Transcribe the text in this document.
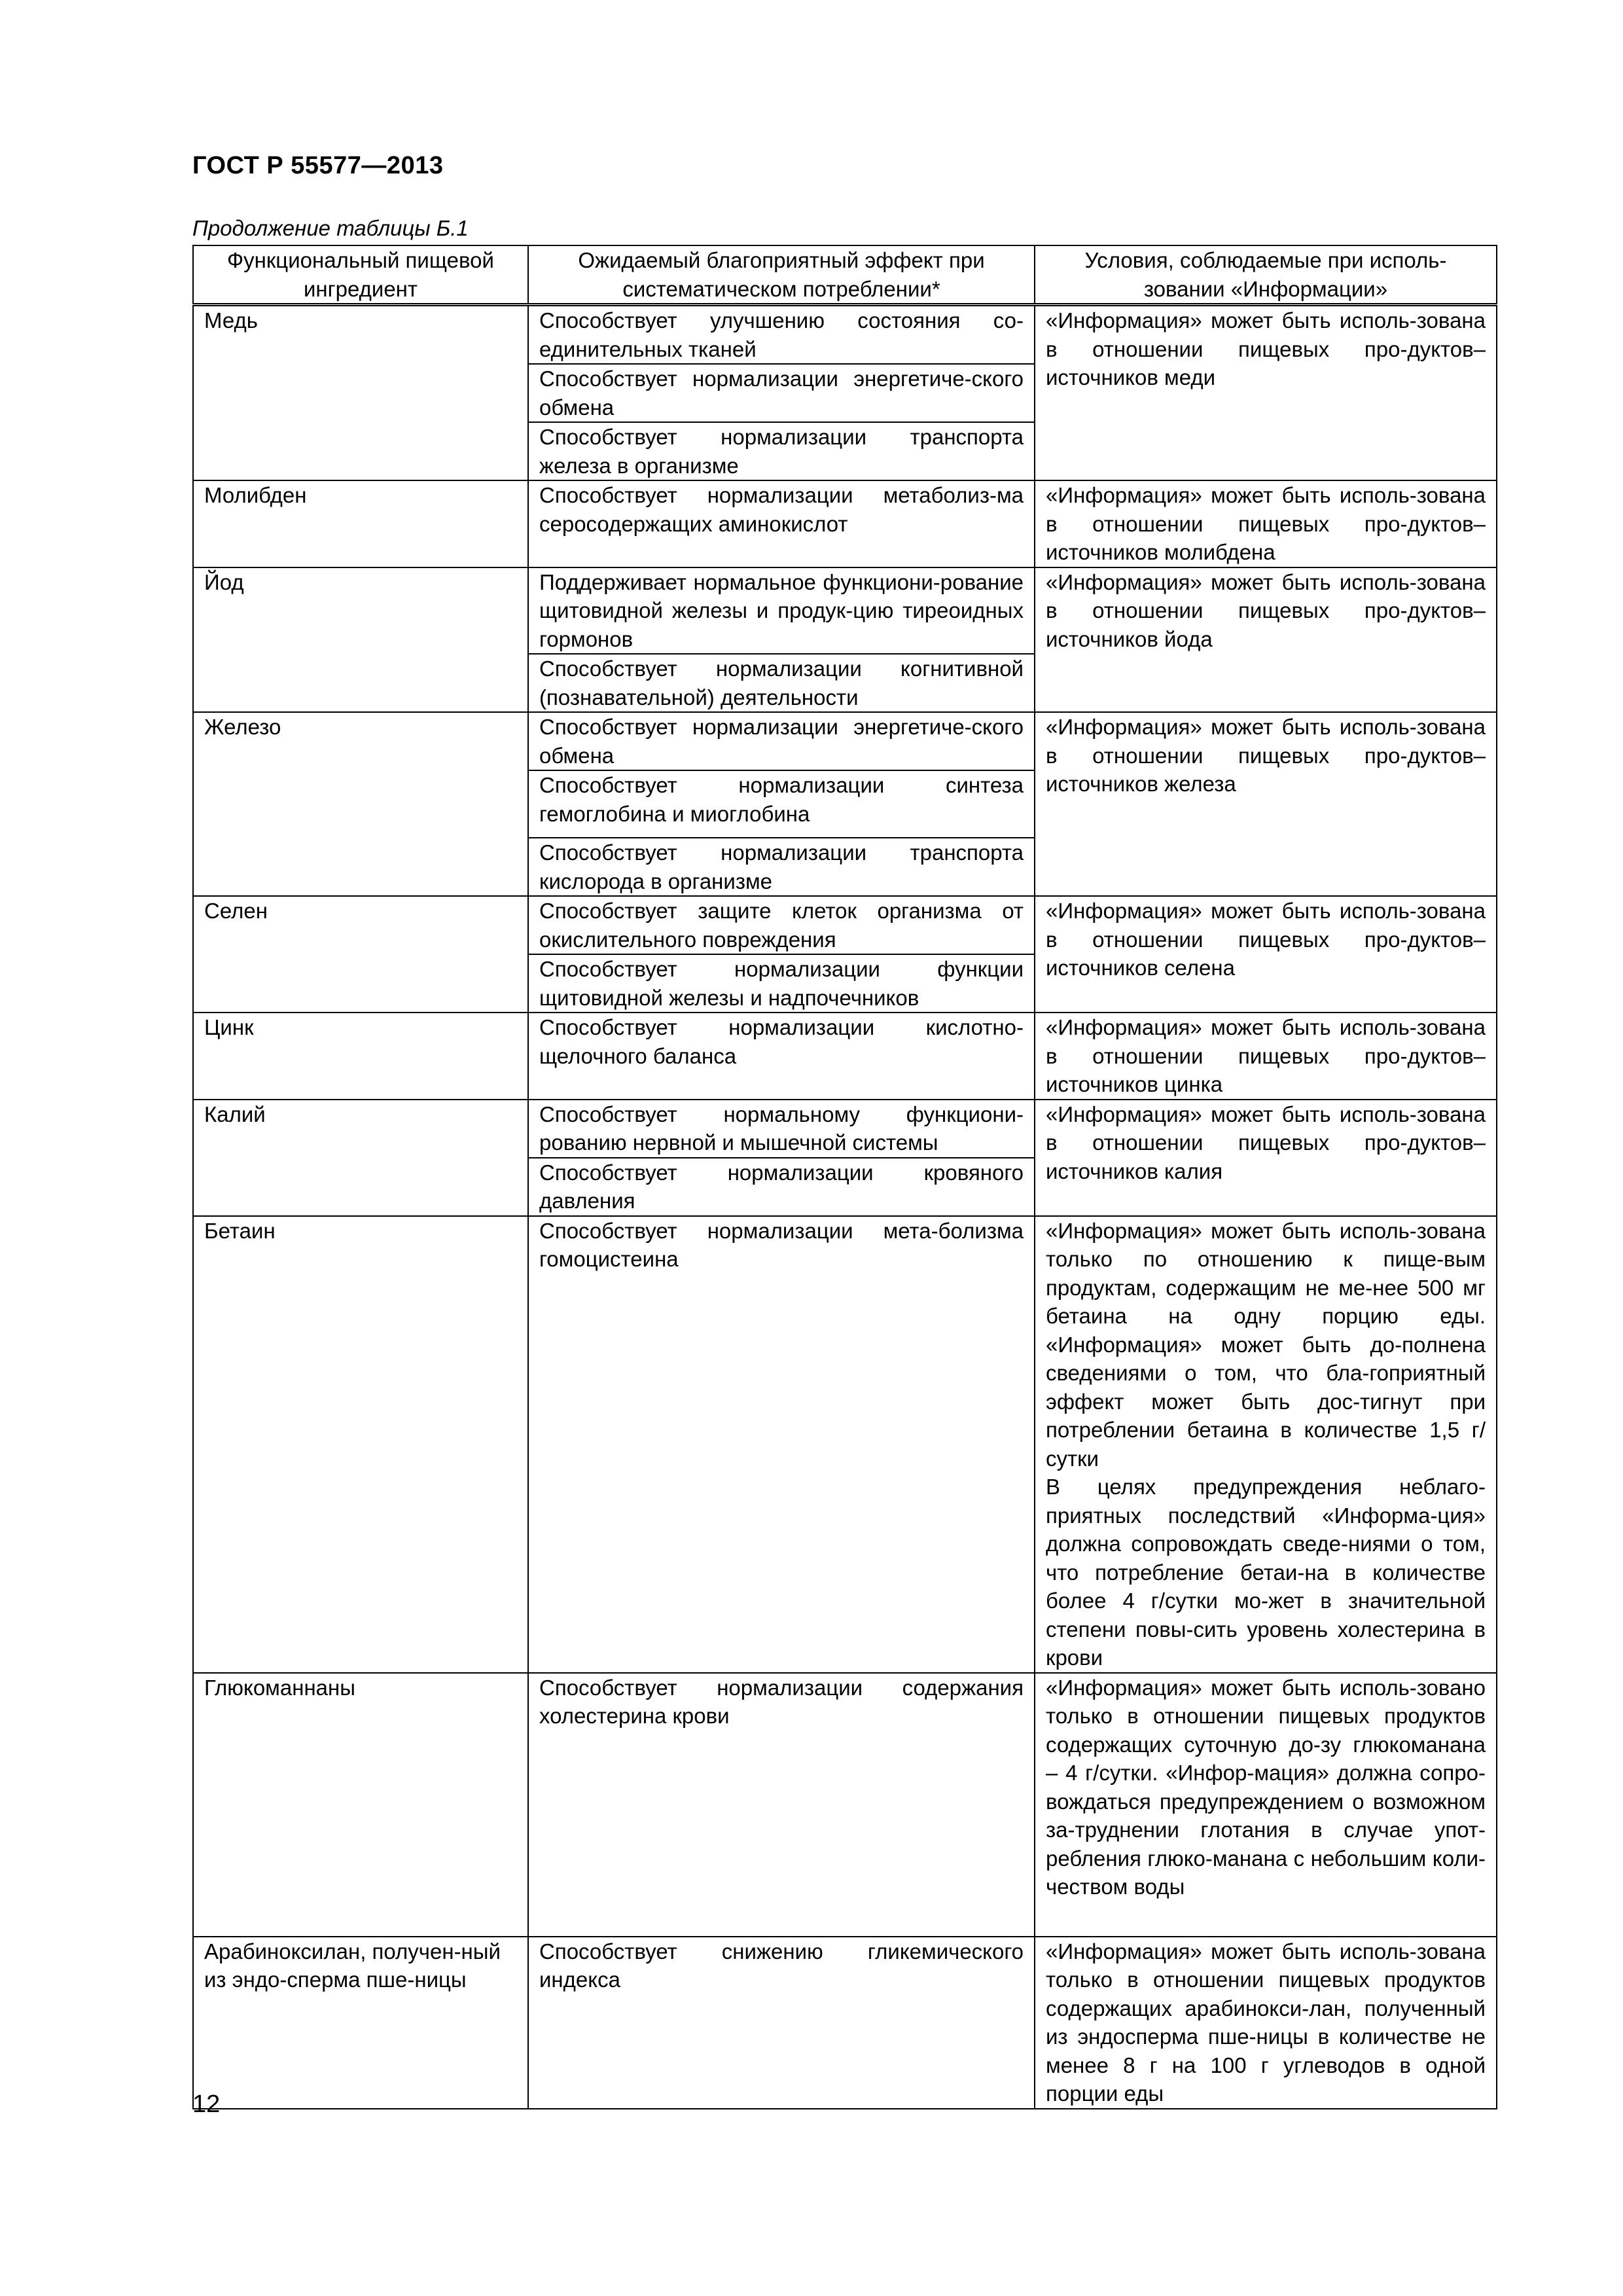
ГОСТ Р 55577—2013
Продолжение таблицы Б.1
Функциональный пищевой ингредиент	Ожидаемый благоприятный эффект при систематическом потреблении*	Условия, соблюдаемые при исполь-зовании «Информации»
Медь	Способствует улучшению состояния со-единительных тканей
Способствует нормализации энергетиче-ского обмена
Способствует нормализации транспорта железа в организме	«Информация» может быть исполь-зована в отношении пищевых про-дуктов–источников меди
Молибден	Способствует нормализации метаболиз-ма серосодержащих аминокислот	«Информация» может быть исполь-зована в отношении пищевых про-дуктов–источников молибдена
Йод	Поддерживает нормальное функциони-рование щитовидной железы и продук-цию тиреоидных гормонов
Способствует нормализации когнитивной (познавательной) деятельности	«Информация» может быть исполь-зована в отношении пищевых про-дуктов–источников йода
Железо	Способствует нормализации энергетиче-ского обмена
Способствует нормализации синтеза гемоглобина и миоглобина
Способствует нормализации транспорта кислорода в организме	«Информация» может быть исполь-зована в отношении пищевых про-дуктов–источников железа
Селен	Способствует защите клеток организма от окислительного повреждения
Способствует нормализации функции щитовидной железы и надпочечников	«Информация» может быть исполь-зована в отношении пищевых про-дуктов–источников селена
Цинк	Способствует нормализации кислотно-щелочного баланса	«Информация» может быть исполь-зована в отношении пищевых про-дуктов–источников цинка
Калий	Способствует нормальному функциони-рованию нервной и мышечной системы
Способствует нормализации кровяного давления	«Информация» может быть исполь-зована в отношении пищевых про-дуктов–источников калия
Бетаин	Способствует нормализации мета-болизма гомоцистеина	«Информация» может быть исполь-зована только по отношению к пище-вым продуктам, содержащим не ме-нее 500 мг бетаина на одну порцию еды. «Информация» может быть до-полнена сведениями о том, что бла-гоприятный эффект может быть дос-тигнут при потреблении бетаина в количестве 1,5 г/сутки
В целях предупреждения неблаго-приятных последствий «Информа-ция» должна сопровождать сведе-ниями о том, что потребление бетаи-на в количестве более 4 г/сутки мо-жет в значительной степени повы-сить уровень холестерина в крови

Глюкоманнаны	Способствует нормализации содержания холестерина крови	«Информация» может быть исполь-зовано только в отношении пищевых продуктов содержащих суточную до-зу глюкоманана – 4 г/сутки. «Инфор-мация» должна сопро-вождаться предупреждением о возможном за-труднении глотания в случае упот-ребления глюко-манана с небольшим коли-чеством воды
Арабиноксилан, получен-ный из эндо-сперма пше-ницы	Способствует снижению гликемического индекса	«Информация» может быть исполь-зована только в отношении пищевых продуктов содержащих арабинокси-лан, полученный из эндосперма пше-ницы в количестве не менее 8 г на 100 г углеводов в одной порции еды
12
